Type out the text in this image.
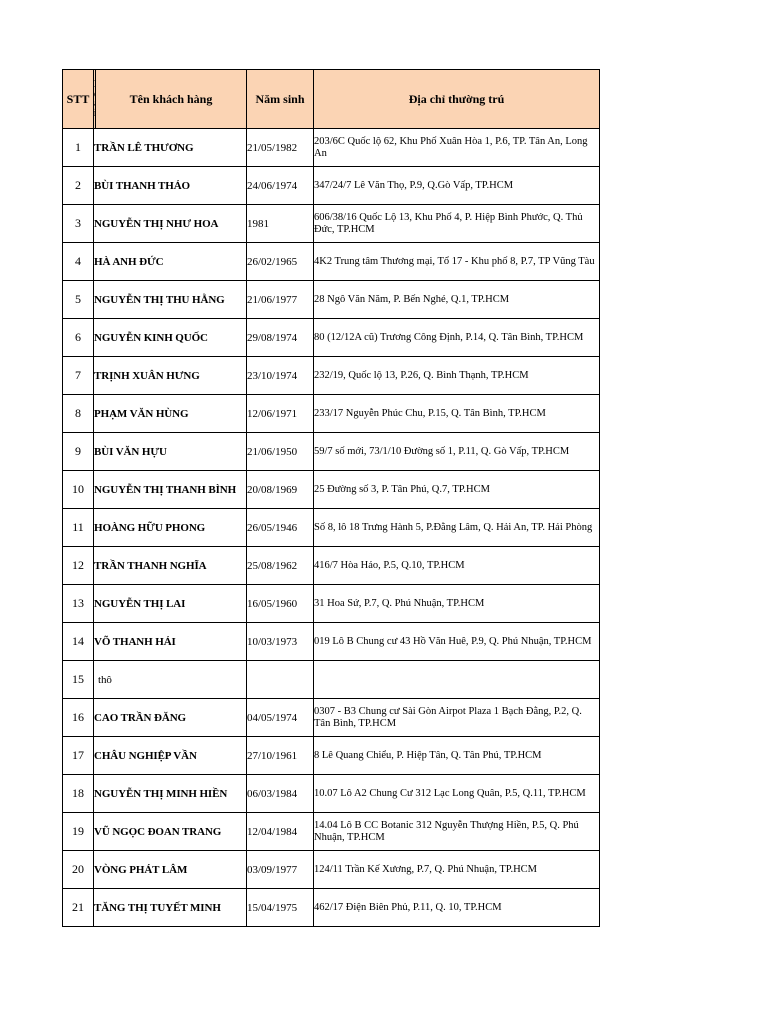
STT		Tên khách hàng	Năm sinh	Địa chỉ thường trú
1	TRẦN LÊ THƯƠNG		21/05/1982	203/6C Quốc lộ 62, Khu Phố Xuân Hòa 1, P.6, TP. Tân An, Long An
2	BÙI THANH THẢO		24/06/1974	347/24/7 Lê Văn Thọ, P.9, Q.Gò Vấp, TP.HCM
3	NGUYỄN THỊ NHƯ HOA		1981	606/38/16 Quốc Lộ 13, Khu Phố 4, P. Hiệp Bình Phước, Q. Thủ Đức, TP.HCM
4	HÀ ANH ĐỨC		26/02/1965	4K2 Trung tâm Thương mại, Tổ 17 - Khu phố 8, P.7, TP Vũng Tàu
5	NGUYỄN THỊ THU HẰNG		21/06/1977	28 Ngô Văn Năm, P. Bến Nghé, Q.1, TP.HCM
6	NGUYỄN KINH QUỐC		29/08/1974	80 (12/12A cũ) Trương Công Định, P.14, Q. Tân Bình, TP.HCM
7	TRỊNH XUÂN HƯNG		23/10/1974	232/19, Quốc lộ 13, P.26, Q. Bình Thạnh, TP.HCM
8	PHẠM VĂN HÙNG		12/06/1971	233/17 Nguyễn Phúc Chu, P.15, Q. Tân Bình, TP.HCM
9	BÙI VĂN HỰU		21/06/1950	59/7 số mới, 73/1/10 Đường số 1, P.11, Q. Gò Vấp, TP.HCM
10	NGUYỄN THỊ THANH BÌNH		20/08/1969	25 Đường số 3, P. Tân Phú, Q.7, TP.HCM
11	HOÀNG HỮU PHONG		26/05/1946	Số 8, lô 18 Trưng Hành 5, P.Đằng Lâm, Q. Hải An, TP. Hải Phòng
12	TRẦN THANH NGHĨA		25/08/1962	416/7 Hòa Hảo, P.5, Q.10, TP.HCM
13	NGUYỄN THỊ LAI		16/05/1960	31 Hoa Sứ, P.7, Q. Phú Nhuận, TP.HCM
14	VÕ THANH HẢI		10/03/1973	019 Lô B Chung cư 43 Hồ Văn Huê, P.9, Q. Phú Nhuận, TP.HCM
15	thô			
16	CAO TRẦN ĐĂNG		04/05/1974	0307 - B3 Chung cư Sài Gòn Airpot Plaza 1 Bạch Đằng, P.2, Q. Tân Bình, TP.HCM
17	CHÂU NGHIỆP VẦN		27/10/1961	8 Lê Quang Chiểu, P. Hiệp Tân, Q. Tân Phú, TP.HCM
18	NGUYỄN THỊ MINH HIỀN		06/03/1984	10.07 Lô A2 Chung Cư 312 Lạc Long Quân, P.5, Q.11, TP.HCM
19	VŨ NGỌC ĐOAN TRANG		12/04/1984	14.04 Lô B CC Botanic 312 Nguyễn Thượng Hiền, P.5, Q. Phú Nhuận, TP.HCM
20	VÒNG PHÁT LÂM		03/09/1977	124/11 Trần Kế Xương, P.7, Q. Phú Nhuận, TP.HCM
21	TĂNG THỊ TUYẾT MINH		15/04/1975	462/17 Điện Biên Phủ, P.11, Q. 10, TP.HCM
